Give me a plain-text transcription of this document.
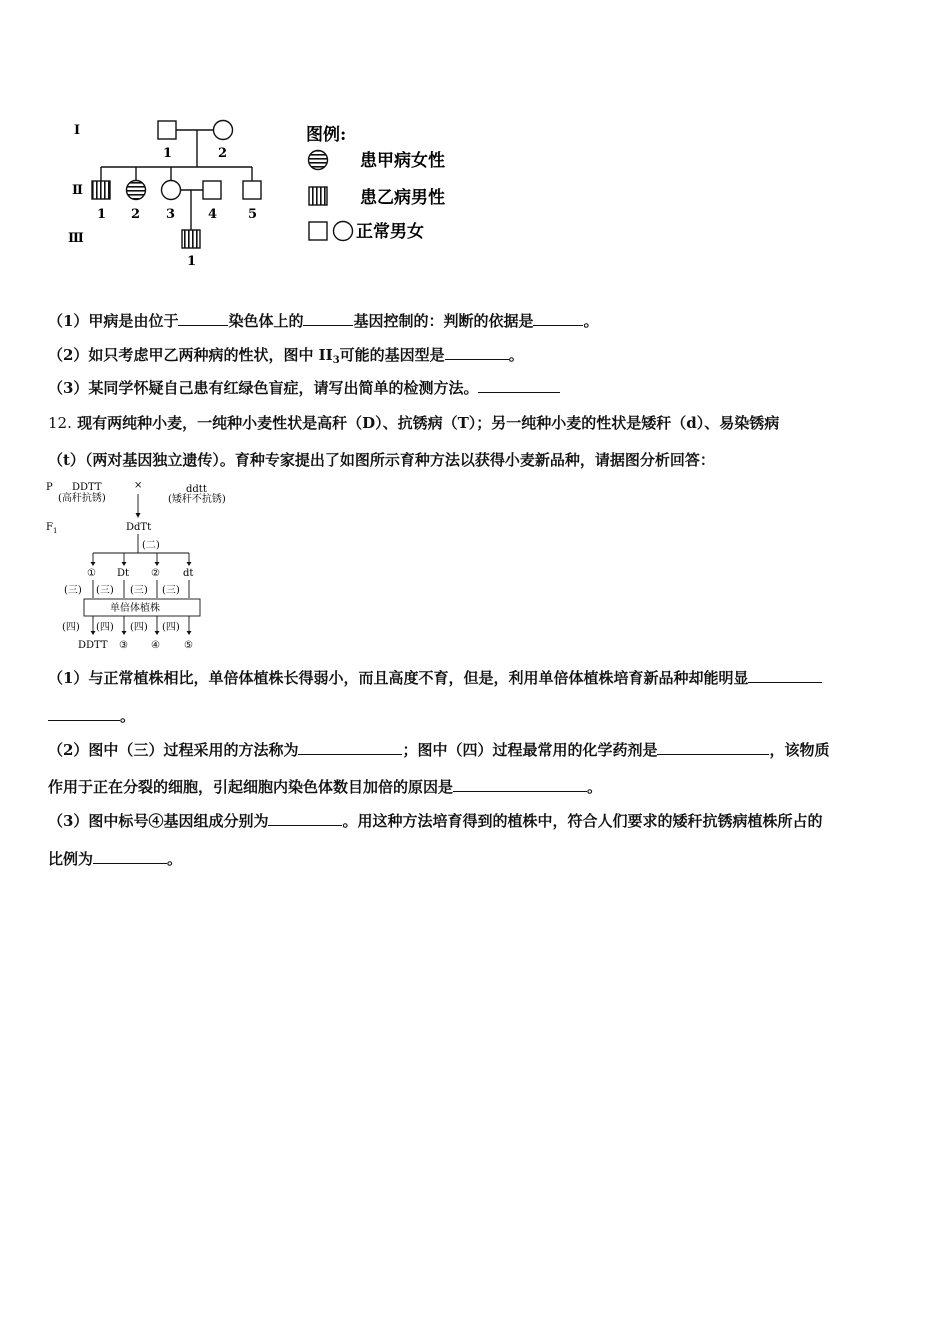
Ⅰ
Ⅱ
Ⅲ
1	2
1 2 3	4 5
1
图例:
患甲病女性
患乙病男性
正常男女
（1）甲病是由位于	染色体上的	基因控制的：判断的依据是	。
（2）如只考虑甲乙两种病的性状，图中 $II_3$可能的基因型是	。
（3）某同学怀疑自己患有红绿色盲症，请写出简单的检测方法。
12. 现有两纯种小麦，一纯种小麦性状是高秆（D）、抗锈病（T）；另一纯种小麦的性状是矮秆（d）、易染锈病
（t）（两对基因独立遗传）。育种专家提出了如图所示育种方法以获得小麦新品种，请据图分析回答：
P DDTT
(高秆抗锈)
×	ddtt
(矮秆不抗锈)
$F_1$	DdTt
(二)
① Dt ② dt
(三) (三) (三) (三)
单倍体植株
(四) (四) (四) (四)
DDTT ③ ④ ⑤
（1）与正常植株相比，单倍体植株长得弱小，而且高度不育，但是，利用单倍体植株培育新品种却能明显
。
（2）图中（三）过程采用的方法称为	；图中（四）过程最常用的化学药剂是	，该物质
作用于正在分裂的细胞，引起细胞内染色体数目加倍的原因是	。
（3）图中标号④基因组成分别为	。用这种方法培育得到的植株中，符合人们要求的矮秆抗锈病植株所占的
比例为	。
